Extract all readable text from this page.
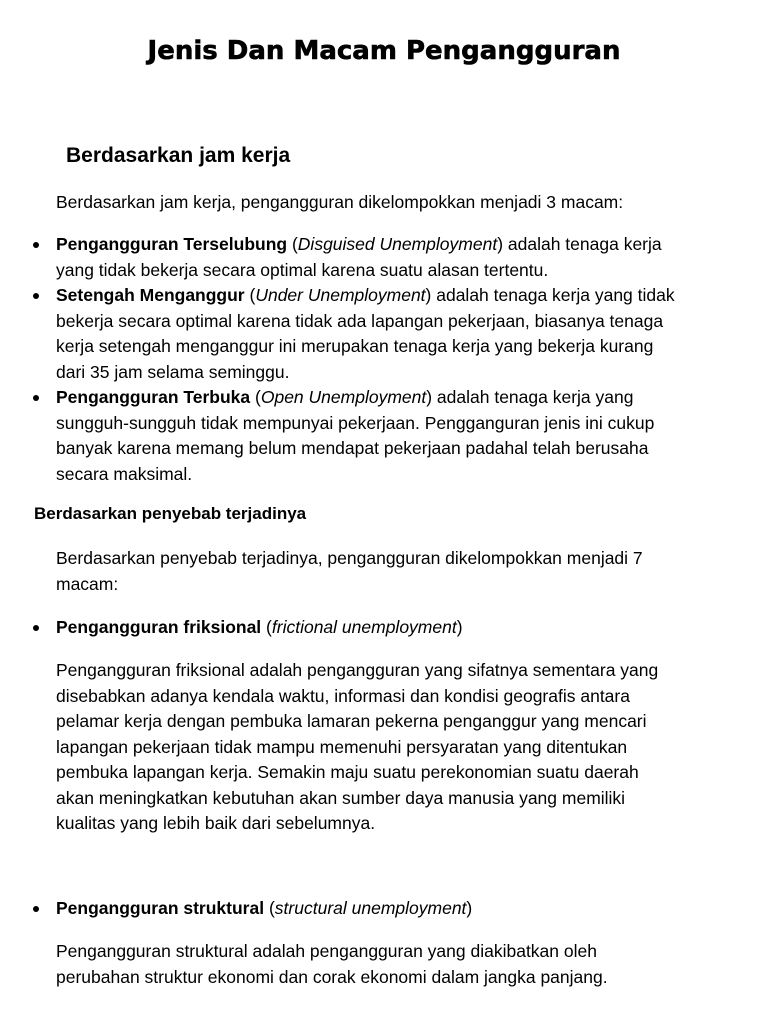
Jenis Dan Macam Pengangguran
Berdasarkan jam kerja
Berdasarkan jam kerja, pengangguran dikelompokkan menjadi 3 macam:
Pengangguran Terselubung (Disguised Unemployment) adalah tenaga kerja yang tidak bekerja secara optimal karena suatu alasan tertentu.
Setengah Menganggur (Under Unemployment) adalah tenaga kerja yang tidak bekerja secara optimal karena tidak ada lapangan pekerjaan, biasanya tenaga kerja setengah menganggur ini merupakan tenaga kerja yang bekerja kurang dari 35 jam selama seminggu.
Pengangguran Terbuka (Open Unemployment) adalah tenaga kerja yang sungguh-sungguh tidak mempunyai pekerjaan. Pengganguran jenis ini cukup banyak karena memang belum mendapat pekerjaan padahal telah berusaha secara maksimal.
Berdasarkan penyebab terjadinya
Berdasarkan penyebab terjadinya, pengangguran dikelompokkan menjadi 7 macam:
Pengangguran friksional (frictional unemployment)
Pengangguran friksional adalah pengangguran yang sifatnya sementara yang disebabkan adanya kendala waktu, informasi dan kondisi geografis antara pelamar kerja dengan pembuka lamaran pekerna penganggur yang mencari lapangan pekerjaan tidak mampu memenuhi persyaratan yang ditentukan pembuka lapangan kerja. Semakin maju suatu perekonomian suatu daerah akan meningkatkan kebutuhan akan sumber daya manusia yang memiliki kualitas yang lebih baik dari sebelumnya.
Pengangguran struktural (structural unemployment)
Pengangguran struktural adalah pengangguran yang diakibatkan oleh perubahan struktur ekonomi dan corak ekonomi dalam jangka panjang.
